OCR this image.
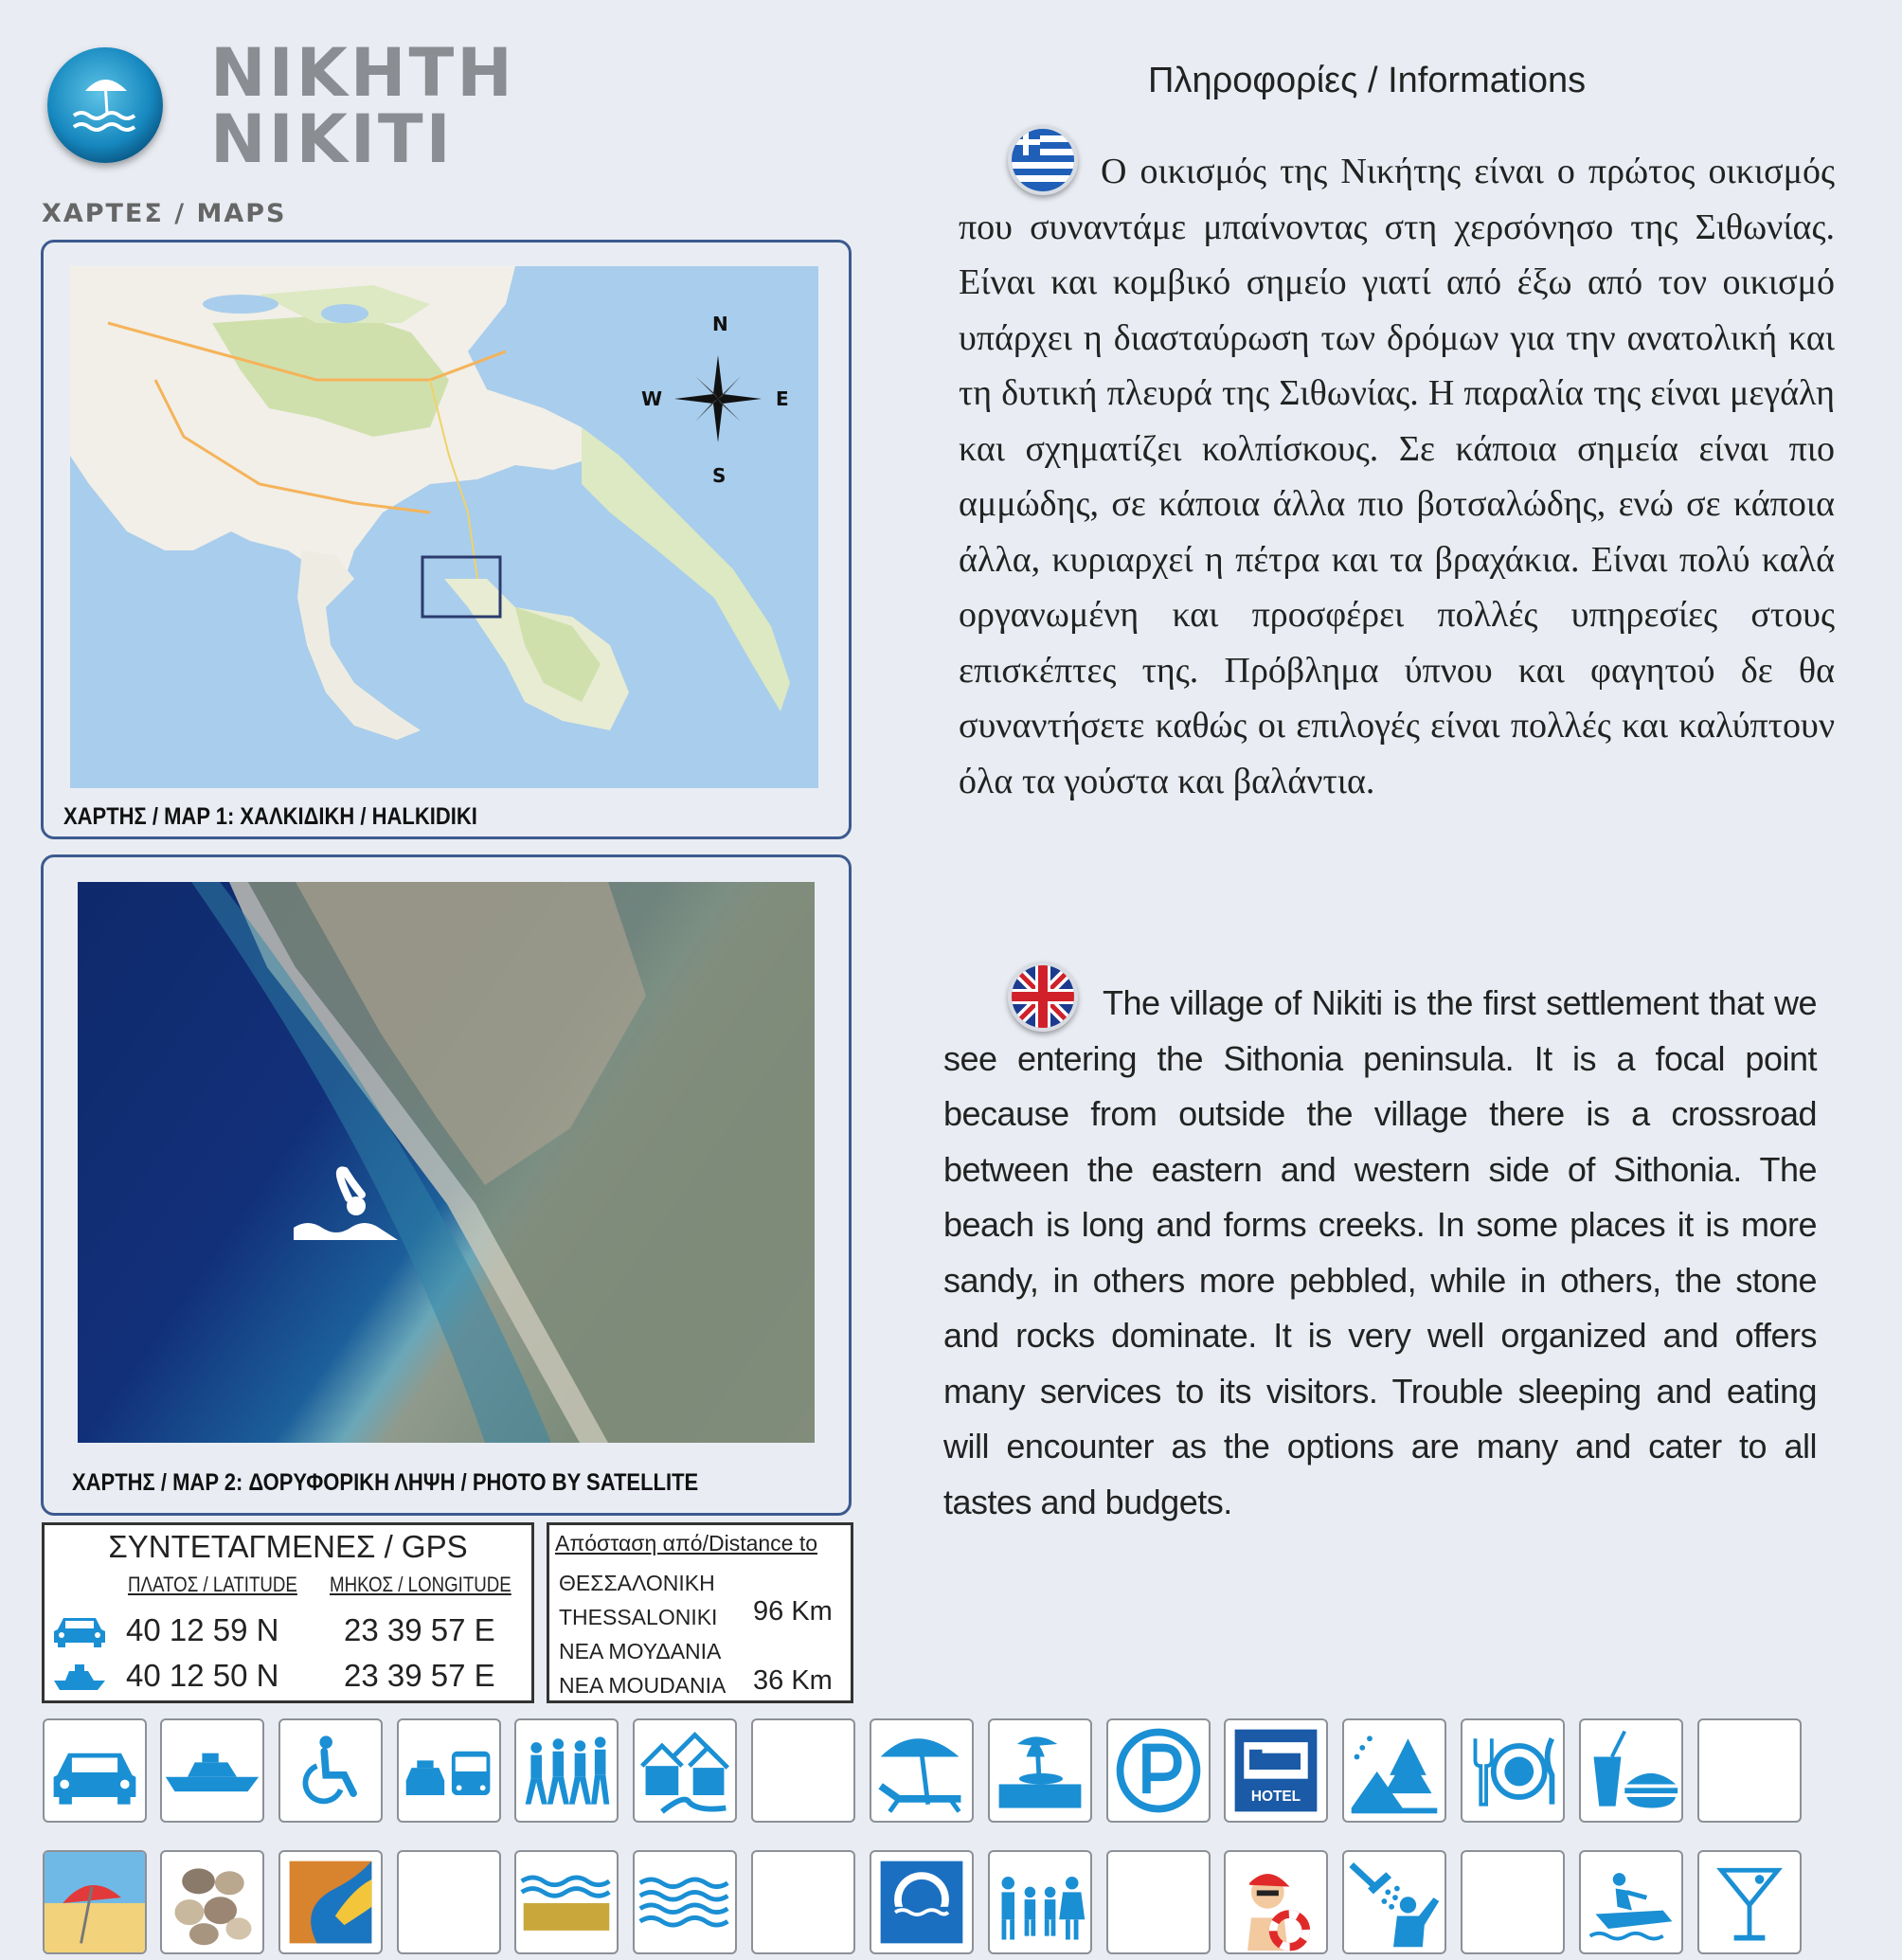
ΝΙΚΗΤΗ
NIKITI
ΧΑΡΤΕΣ / MAPS
N
S
E
W
ΧΑΡΤΗΣ / MAP 1: ΧΑΛΚΙΔΙΚΗ / HALKIDIKI
ΧΑΡΤΗΣ / MAP 2: ΔΟΡΥΦΟΡΙΚΗ ΛΗΨΗ / PHOTO BY SATELLITE
ΣΥΝΤΕΤΑΓΜΕΝΕΣ / GPS
ΠΛΑΤΟΣ / LATITUDE ΜΗΚΟΣ / LONGITUDE
40 12 59 N 23 39 57 E
40 12 50 N 23 39 57 E
Απόσταση από/Distance to
ΘΕΣΣΑΛΟΝΙΚΗ
THESSALONIKI 96 Km
ΝΕΑ ΜΟΥΔΑΝΙΑ
NEA MOUDANIA 36 Km
Πληροφορίες / Informations
Ο οικισμός της Νικήτης είναι ο πρώτος οικισμός που συναντάμε μπαίνοντας στη χερσόνησο της Σιθωνίας. Είναι και κομβικό σημείο γιατί από έξω από τον οικισμό υπάρχει η διασταύρωση των δρόμων για την ανατολική και τη δυτική πλευρά της Σιθωνίας. Η παραλία της είναι μεγάλη και σχηματίζει κολπίσκους. Σε κάποια σημεία είναι πιο αμμώδης, σε κάποια άλλα πιο βοτσαλώδης, ενώ σε κάποια άλλα, κυριαρχεί η πέτρα και τα βραχάκια. Είναι πολύ καλά οργανωμένη και προσφέρει πολλές υπηρεσίες στους επισκέπτες της. Πρόβλημα ύπνου και φαγητού δε θα συναντήσετε καθώς οι επιλογές είναι πολλές και καλύπτουν όλα τα γούστα και βαλάντια.
The village of Nikiti is the first settlement that we see entering the Sithonia peninsula. It is a focal point because from outside the village there is a crossroad between the eastern and western side of Sithonia. The beach is long and forms creeks. In some places it is more sandy, in others more pebbled, while in others, the stone and rocks dominate. It is very well organized and offers many services to its visitors. Trouble sleeping and eating will encounter as the options are many and cater to all tastes and budgets.
HOTEL
